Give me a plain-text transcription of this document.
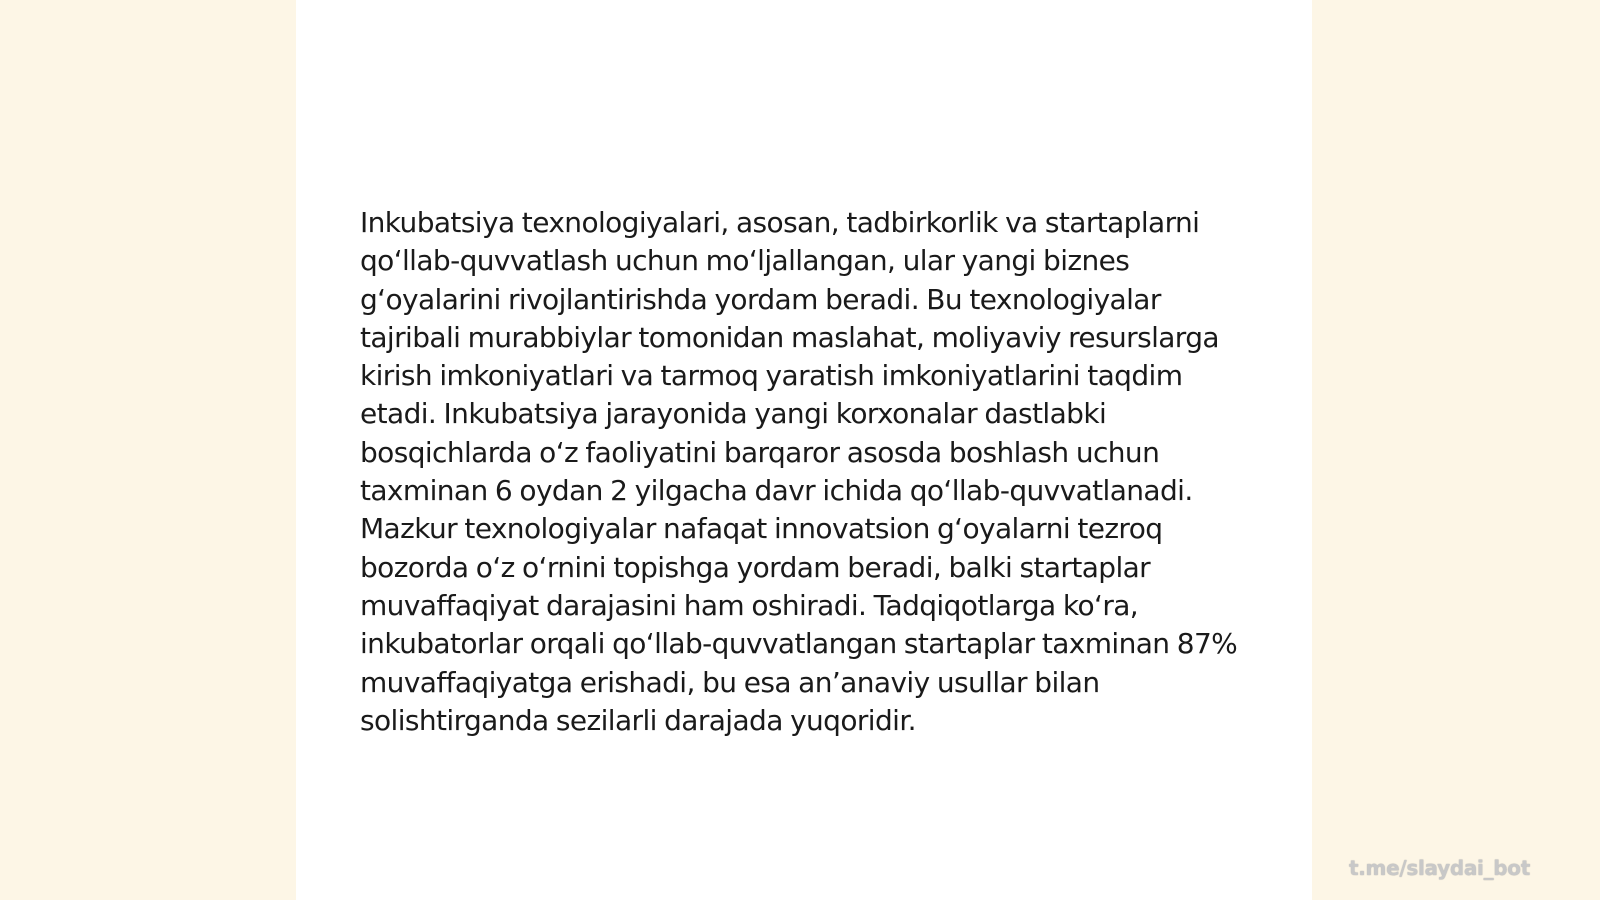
Inkubatsiya texnologiyalari, asosan, tadbirkorlik va startaplarni qo‘llab-quvvatlash uchun mo‘ljallangan, ular yangi biznes g‘oyalarini rivojlantirishda yordam beradi. Bu texnologiyalar tajribali murabbiylar tomonidan maslahat, moliyaviy resurslarga kirish imkoniyatlari va tarmoq yaratish imkoniyatlarini taqdim etadi. Inkubatsiya jarayonida yangi korxonalar dastlabki bosqichlarda o‘z faoliyatini barqaror asosda boshlash uchun taxminan 6 oydan 2 yilgacha davr ichida qo‘llab-quvvatlanadi. Mazkur texnologiyalar nafaqat innovatsion g‘oyalarni tezroq bozorda o‘z o‘rnini topishga yordam beradi, balki startaplar muvaffaqiyat darajasini ham oshiradi. Tadqiqotlarga ko‘ra, inkubatorlar orqali qo‘llab-quvvatlangan startaplar taxminan 87% muvaffaqiyatga erishadi, bu esa an’anaviy usullar bilan solishtirganda sezilarli darajada yuqoridir.

t.me/slaydai_bot
